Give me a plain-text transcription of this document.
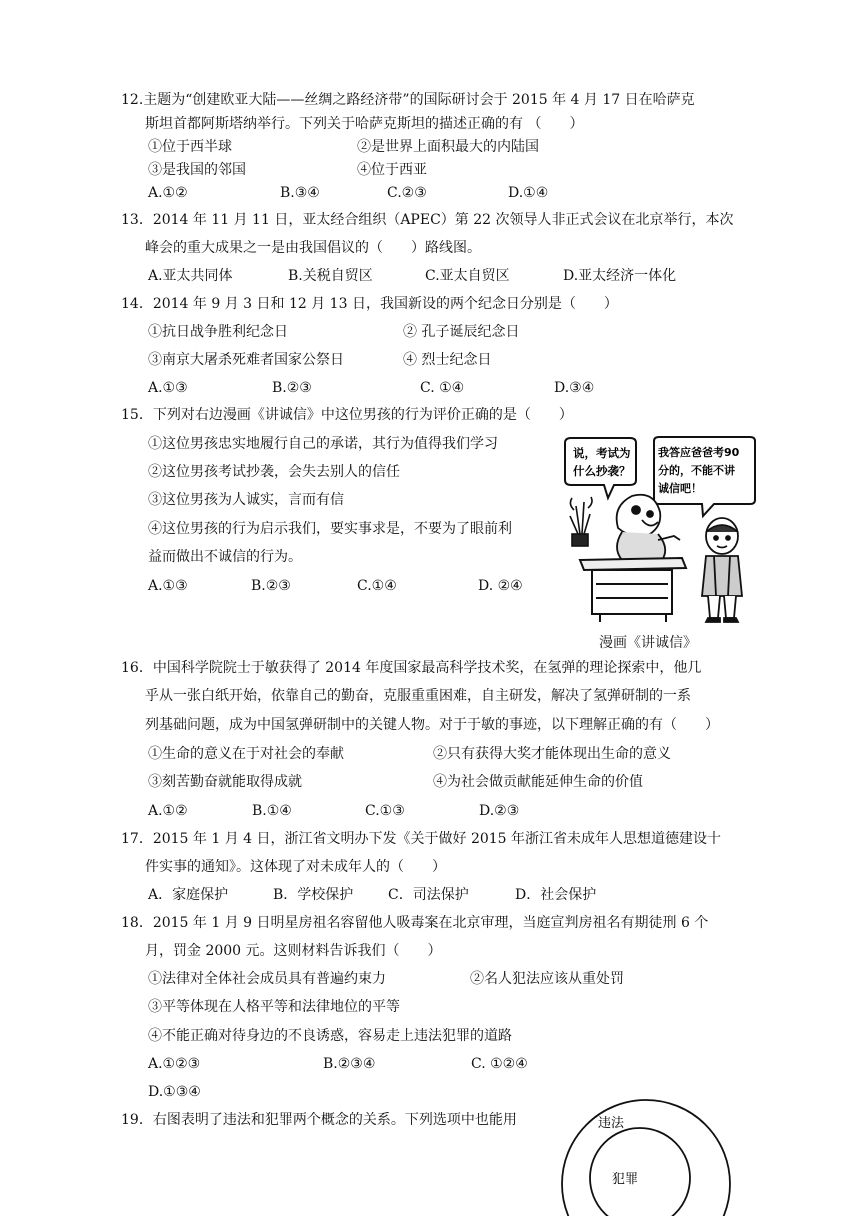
12.主题为“创建欧亚大陆——丝绸之路经济带”的国际研讨会于 2015 年 4 月 17 日在哈萨克
斯坦首都阿斯塔纳举行。下列关于哈萨克斯坦的描述正确的有 （　　）
①位于西半球	②是世界上面积最大的内陆国
③是我国的邻国	④位于西亚
A.①②	B.③④	C.②③	D.①④
13．2014 年 11 月 11 日，亚太经合组织（APEC）第 22 次领导人非正式会议在北京举行，本次
峰会的重大成果之一是由我国倡议的（　　）路线图。
A.亚太共同体	B.关税自贸区	C.亚太自贸区	D.亚太经济一体化
14．2014 年 9 月 3 日和 12 月 13 日，我国新设的两个纪念日分别是（　　）
①抗日战争胜利纪念日	② 孔子诞辰纪念日
③南京大屠杀死难者国家公祭日	④ 烈士纪念日
A.①③	B.②③	C. ①④	D.③④
15．下列对右边漫画《讲诚信》中这位男孩的行为评价正确的是（　　）
①这位男孩忠实地履行自己的承诺，其行为值得我们学习
②这位男孩考试抄袭，会失去别人的信任
③这位男孩为人诚实，言而有信
④这位男孩的行为启示我们，要实事求是，不要为了眼前利
益而做出不诚信的行为。
A.①③	B.②③	C.①④	D. ②④
说，考试为
什么抄袭？
我答应爸爸考90
分的，不能不讲
诚信吧！
漫画《讲诚信》
16．中国科学院院士于敏获得了 2014 年度国家最高科学技术奖，在氢弹的理论探索中，他几
乎从一张白纸开始，依靠自己的勤奋，克服重重困难，自主研发，解决了氢弹研制的一系
列基础问题，成为中国氢弹研制中的关键人物。对于于敏的事迹，以下理解正确的有（　　）
①生命的意义在于对社会的奉献	②只有获得大奖才能体现出生命的意义
③刻苦勤奋就能取得成就	④为社会做贡献能延伸生命的价值
A.①②	B.①④	C.①③	D.②③
17．2015 年 1 月 4 日，浙江省文明办下发《关于做好 2015 年浙江省未成年人思想道德建设十
件实事的通知》。这体现了对未成年人的（　　）
A．家庭保护	B．学校保护 C．司法保护	D．社会保护
18．2015 年 1 月 9 日明星房祖名容留他人吸毒案在北京审理，当庭宣判房祖名有期徒刑 6 个
月，罚金 2000 元。这则材料告诉我们（　　）
①法律对全体社会成员具有普遍约束力	②名人犯法应该从重处罚
③平等体现在人格平等和法律地位的平等
④不能正确对待身边的不良诱惑，容易走上违法犯罪的道路
A.①②③	B.②③④	C. ①②④
D.①③④
19．右图表明了违法和犯罪两个概念的关系。下列选项中也能用	违法
犯罪
